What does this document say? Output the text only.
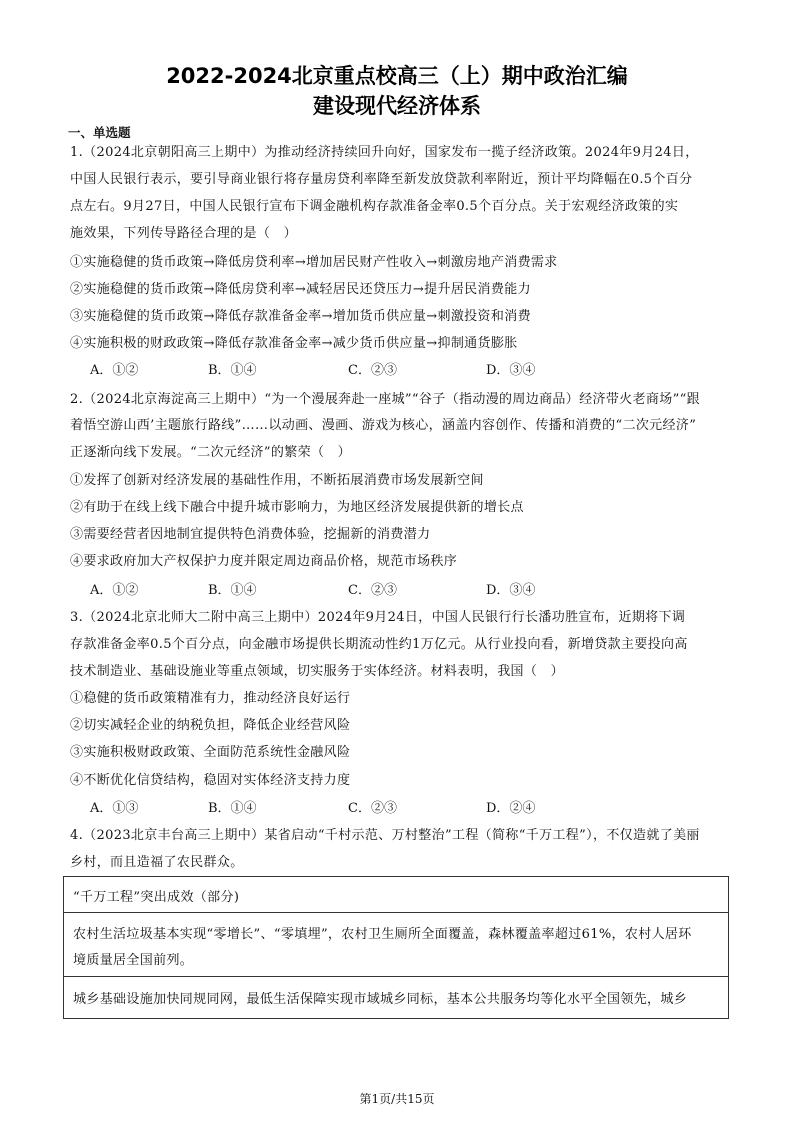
2022-2024北京重点校高三（上）期中政治汇编
建设现代经济体系
一、单选题
1.（2024北京朝阳高三上期中）为推动经济持续回升向好，国家发布一揽子经济政策。2024年9月24日，
中国人民银行表示，要引导商业银行将存量房贷利率降至新发放贷款利率附近，预计平均降幅在0.5个百分
点左右。9月27日，中国人民银行宣布下调金融机构存款准备金率0.5个百分点。关于宏观经济政策的实
施效果，下列传导路径合理的是（　）
①实施稳健的货币政策→降低房贷利率→增加居民财产性收入→刺激房地产消费需求
②实施稳健的货币政策→降低房贷利率→减轻居民还贷压力→提升居民消费能力
③实施稳健的货币政策→降低存款准备金率→增加货币供应量→刺激投资和消费
④实施积极的财政政策→降低存款准备金率→减少货币供应量→抑制通货膨胀
A．①②	B．①④	C．②③	D．③④
2.（2024北京海淀高三上期中）“为一个漫展奔赴一座城”“谷子（指动漫的周边商品）经济带火老商场”“跟
着悟空游山西’主题旅行路线”……以动画、漫画、游戏为核心，涵盖内容创作、传播和消费的“二次元经济”
正逐渐向线下发展。“二次元经济”的繁荣（　）
①发挥了创新对经济发展的基础性作用，不断拓展消费市场发展新空间
②有助于在线上线下融合中提升城市影响力，为地区经济发展提供新的增长点
③需要经营者因地制宜提供特色消费体验，挖掘新的消费潜力
④要求政府加大产权保护力度并限定周边商品价格，规范市场秩序
A．①②	B．①④	C．②③	D．③④
3.（2024北京北师大二附中高三上期中）2024年9月24日，中国人民银行行长潘功胜宣布，近期将下调
存款准备金率0.5个百分点，向金融市场提供长期流动性约1万亿元。从行业投向看，新增贷款主要投向高
技术制造业、基础设施业等重点领域，切实服务于实体经济。材料表明，我国（　）
①稳健的货币政策精准有力，推动经济良好运行
②切实减轻企业的纳税负担，降低企业经营风险
③实施积极财政政策、全面防范系统性金融风险
④不断优化信贷结构，稳固对实体经济支持力度
A．①③	B．①④	C．②③	D．②④
4.（2023北京丰台高三上期中）某省启动“千村示范、万村整治”工程（简称“千万工程”），不仅造就了美丽
乡村，而且造福了农民群众。
“千万工程”突出成效（部分)
农村生活垃圾基本实现“零增长”、“零填埋”，农村卫生厕所全面覆盖，森林覆盖率超过61%，农村人居环
境质量居全国前列。
城乡基础设施加快同规同网，最低生活保障实现市域城乡同标，基本公共服务均等化水平全国领先，城乡
第1页/共15页
